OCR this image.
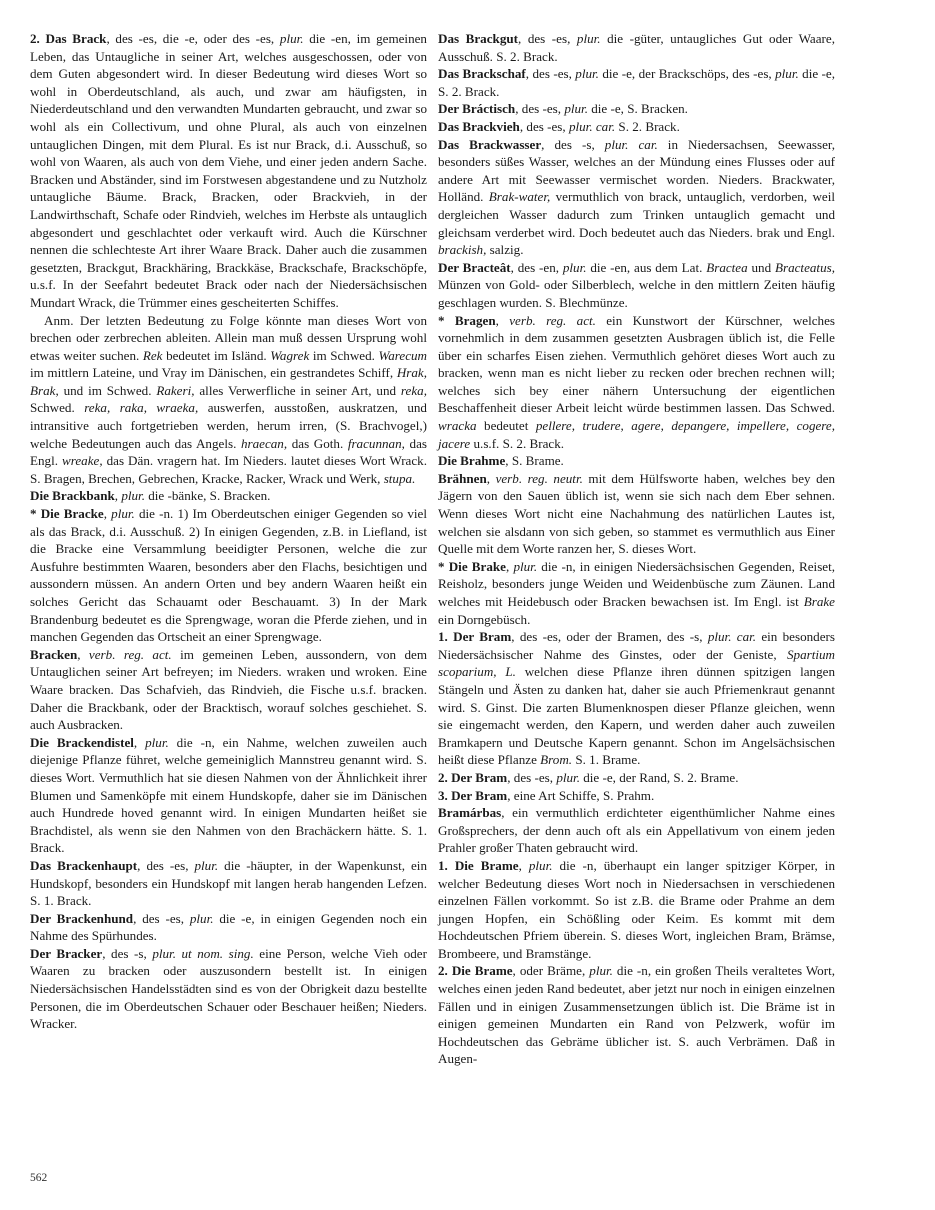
2. Das Brack, des -es, die -e, oder des -es, plur. die -en, im gemeinen Leben, das Untaugliche in seiner Art, welches ausgeschossen, oder von dem Guten abgesondert wird. In dieser Bedeutung wird dieses Wort so wohl in Oberdeutschland, als auch, und zwar am häufigsten, in Niederdeutschland und den verwandten Mundarten gebraucht, und zwar so wohl als ein Collectivum, und ohne Plural, als auch von einzelnen untauglichen Dingen, mit dem Plural. Es ist nur Brack, d.i. Ausschuß, so wohl von Waaren, als auch von dem Viehe, und einer jeden andern Sache. Bracken und Abständer, sind im Forstwesen abgestandene und zu Nutzholz untaugliche Bäume. Brack, Bracken, oder Brackvieh, in der Landwirthschaft, Schafe oder Rindvieh, welches im Herbste als untauglich abgesondert und geschlachtet oder verkauft wird. Auch die Kürschner nennen die schlechteste Art ihrer Waare Brack. Daher auch die zusammen gesetzten, Brackgut, Brackhäring, Brackkäse, Brackschafe, Brackschöpfe, u.s.f. In der Seefahrt bedeutet Brack oder nach der Niedersächsischen Mundart Wrack, die Trümmer eines gescheiterten Schiffes.

Anm. Der letzten Bedeutung zu Folge könnte man dieses Wort von brechen oder zerbrechen ableiten. Allein man muß dessen Ursprung wohl etwas weiter suchen. Rek bedeutet im Isländ. Wagrek im Schwed. Warecum im mittlern Lateine, und Vray im Dänischen, ein gestrandetes Schiff, Hrak, Brak, und im Schwed. Rakeri, alles Verwerfliche in seiner Art, und reka, Schwed. reka, raka, wraeka, auswerfen, ausstoßen, auskratzen, und intransitive auch fortgetrieben werden, herum irren, (S. Brachvogel,) welche Bedeutungen auch das Angels. hraecan, das Goth. fracunnan, das Engl. wreake, das Dän. vragern hat. Im Nieders. lautet dieses Wort Wrack. S. Bragen, Brechen, Gebrechen, Kracke, Racker, Wrack und Werk, stupa.

Die Brackbank, plur. die -bänke, S. Bracken.

* Die Bracke, plur. die -n. 1) Im Oberdeutschen einiger Gegenden so viel als das Brack, d.i. Ausschuß. 2) In einigen Gegenden, z.B. in Liefland, ist die Bracke eine Versammlung beeidigter Personen, welche die zur Ausfuhre bestimmten Waaren, besonders aber den Flachs, besichtigen und aussondern müssen. An andern Orten und bey andern Waaren heißt ein solches Gericht das Schauamt oder Beschauamt. 3) In der Mark Brandenburg bedeutet es die Sprengwage, woran die Pferde ziehen, und in manchen Gegenden das Ortscheit an einer Sprengwage.

Bracken, verb. reg. act. im gemeinen Leben, aussondern, von dem Untauglichen seiner Art befreyen; im Nieders. wraken und wroken. Eine Waare bracken. Das Schafvieh, das Rindvieh, die Fische u.s.f. bracken. Daher die Brackbank, oder der Bracktisch, worauf solches geschiehet. S. auch Ausbracken.

Die Brackendistel, plur. die -n, ein Nahme, welchen zuweilen auch diejenige Pflanze führet, welche gemeiniglich Mannstreu genannt wird. S. dieses Wort. Vermuthlich hat sie diesen Nahmen von der Ähnlichkeit ihrer Blumen und Samenköpfe mit einem Hundskopfe, daher sie im Dänischen auch Hundrede hoved genannt wird. In einigen Mundarten heißet sie Brachdistel, als wenn sie den Nahmen von den Brachäckern hätte. S. 1. Brack.

Das Brackenhaupt, des -es, plur. die -häupter, in der Wapenkunst, ein Hundskopf, besonders ein Hundskopf mit langen herab hangenden Lefzen. S. 1. Brack.

Der Brackenhund, des -es, plur. die -e, in einigen Gegenden noch ein Nahme des Spürhundes.

Der Bracker, des -s, plur. ut nom. sing. eine Person, welche Vieh oder Waaren zu bracken oder auszusondern bestellt ist. In einigen Niedersächsischen Handelsstädten sind es von der Obrigkeit dazu bestellte Personen, die im Oberdeutschen Schauer oder Beschauer heißen; Nieders. Wracker.

Das Brackgut, des -es, plur. die -güter, untaugliches Gut oder Waare, Ausschuß. S. 2. Brack.

Das Brackschaf, des -es, plur. die -e, der Brackschöps, des -es, plur. die -e, S. 2. Brack.

Der Bráctisch, des -es, plur. die -e, S. Bracken.

Das Brackvieh, des -es, plur. car. S. 2. Brack.

Das Brackwasser, des -s, plur. car. in Niedersachsen, Seewasser, besonders süßes Wasser, welches an der Mündung eines Flusses oder auf andere Art mit Seewasser vermischet worden. Nieders. Brackwater, Holländ. Brak-water, vermuthlich von brack, untauglich, verdorben, weil dergleichen Wasser dadurch zum Trinken untauglich gemacht und gleichsam verderbet wird. Doch bedeutet auch das Nieders. brak und Engl. brackish, salzig.

Der Bracteât, des -en, plur. die -en, aus dem Lat. Bractea und Bracteatus, Münzen von Gold- oder Silberblech, welche in den mittlern Zeiten häufig geschlagen wurden. S. Blechmünze.

* Bragen, verb. reg. act. ein Kunstwort der Kürschner, welches vornehmlich in dem zusammen gesetzten Ausbragen üblich ist, die Felle über ein scharfes Eisen ziehen. Vermuthlich gehöret dieses Wort auch zu bracken, wenn man es nicht lieber zu recken oder brechen rechnen will; welches sich bey einer nähern Untersuchung der eigentlichen Beschaffenheit dieser Arbeit leicht würde bestimmen lassen. Das Schwed. wracka bedeutet pellere, trudere, agere, depangere, impellere, cogere, jacere u.s.f. S. 2. Brack.

Die Brahme, S. Brame.

Brähnen, verb. reg. neutr. mit dem Hülfsworte haben, welches bey den Jägern von den Sauen üblich ist, wenn sie sich nach dem Eber sehnen. Wenn dieses Wort nicht eine Nachahmung des natürlichen Lautes ist, welchen sie alsdann von sich geben, so stammet es vermuthlich aus Einer Quelle mit dem Worte ranzen her, S. dieses Wort.

* Die Brake, plur. die -n, in einigen Niedersächsischen Gegenden, Reiset, Reisholz, besonders junge Weiden und Weidenbüsche zum Zäunen. Land welches mit Heidebusch oder Bracken bewachsen ist. Im Engl. ist Brake ein Dorngebüsch.

1. Der Bram, des -es, oder der Bramen, des -s, plur. car. ein besonders Niedersächsischer Nahme des Ginstes, oder der Geniste, Spartium scoparium, L. welchen diese Pflanze ihren dünnen spitzigen langen Stängeln und Ästen zu danken hat, daher sie auch Pfriemenkraut genannt wird. S. Ginst. Die zarten Blumenknospen dieser Pflanze gleichen, wenn sie eingemacht werden, den Kapern, und werden daher auch zuweilen Bramkapern und Deutsche Kapern genannt. Schon im Angelsächsischen heißt diese Pflanze Brom. S. 1. Brame.

2. Der Bram, des -es, plur. die -e, der Rand, S. 2. Brame.

3. Der Bram, eine Art Schiffe, S. Prahm.

Bramárbas, ein vermuthlich erdichteter eigenthümlicher Nahme eines Großsprechers, der denn auch oft als ein Appellativum von einem jeden Prahler großer Thaten gebraucht wird.

1. Die Brame, plur. die -n, überhaupt ein langer spitziger Körper, in welcher Bedeutung dieses Wort noch in Niedersachsen in verschiedenen einzelnen Fällen vorkommt. So ist z.B. die Brame oder Prahme an dem jungen Hopfen, ein Schößling oder Keim. Es kommt mit dem Hochdeutschen Pfriem überein. S. dieses Wort, ingleichen Bram, Brämse, Brombeere, und Bramstänge.

2. Die Brame, oder Bräme, plur. die -n, ein großen Theils veraltetes Wort, welches einen jeden Rand bedeutet, aber jetzt nur noch in einigen einzelnen Fällen und in einigen Zusammensetzungen üblich ist. Die Bräme ist in einigen gemeinen Mundarten ein Rand von Pelzwerk, wofür im Hochdeutschen das Gebräme üblicher ist. S. auch Verbrämen. Daß in Augen-

562
